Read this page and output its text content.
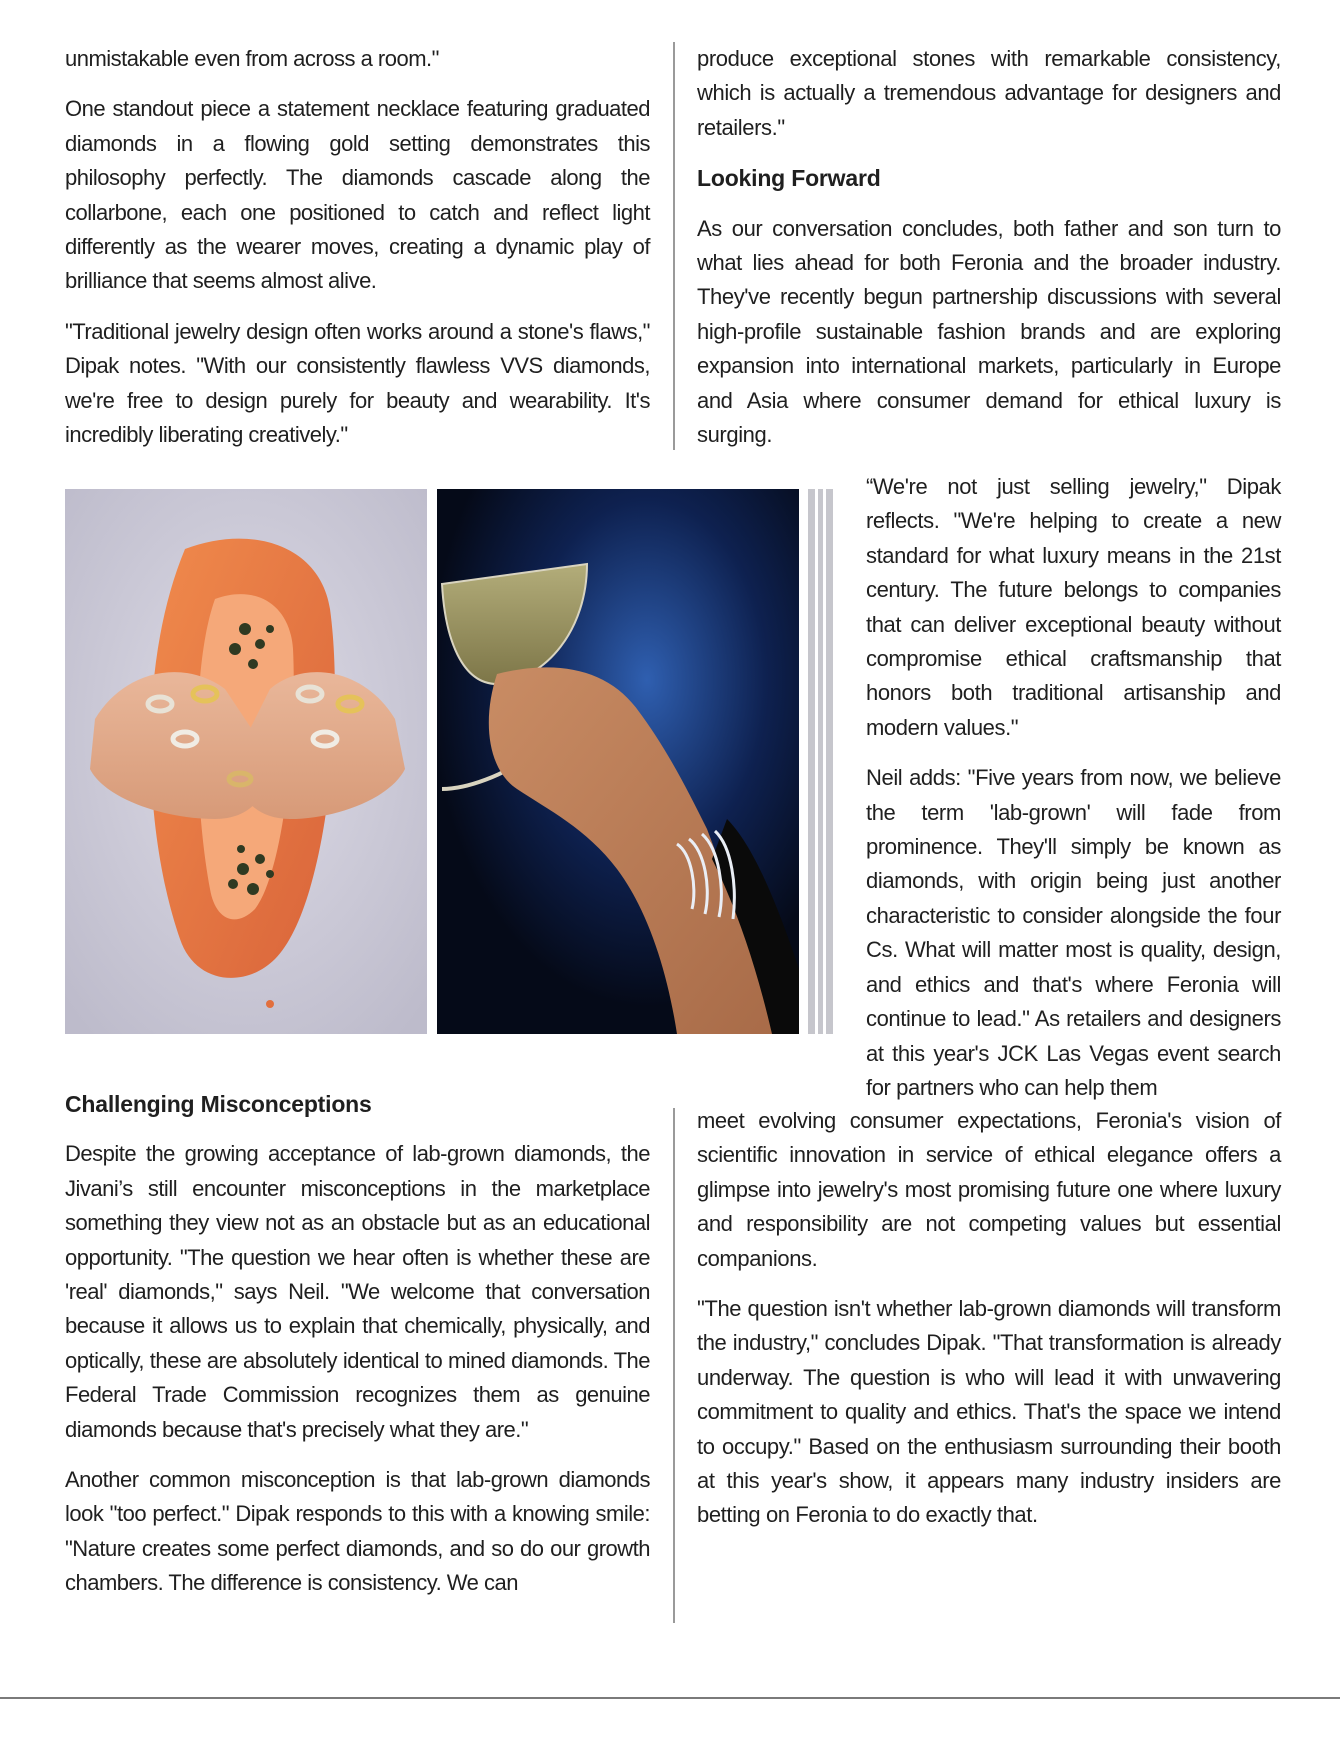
unmistakable even from across a room."

One standout piece a statement necklace featuring graduated diamonds in a flowing gold setting demonstrates this philosophy perfectly. The diamonds cascade along the collarbone, each one positioned to catch and reflect light differently as the wearer moves, creating a dynamic play of brilliance that seems almost alive.

"Traditional jewelry design often works around a stone's flaws," Dipak notes. "With our consistently flawless VVS diamonds, we're free to design purely for beauty and wearability. It's incredibly liberating creatively."

produce exceptional stones with remarkable consistency, which is actually a tremendous advantage for designers and retailers."

Looking Forward

As our conversation concludes, both father and son turn to what lies ahead for both Feronia and the broader industry. They've recently begun partnership discussions with several high-profile sustainable fashion brands and are exploring expansion into international markets, particularly in Europe and Asia where consumer demand for ethical luxury is surging.

“We're not just selling jewelry," Dipak reflects. "We're helping to create a new standard for what luxury means in the 21st century. The future belongs to companies that can deliver exceptional beauty without compromise ethical craftsmanship that honors both traditional artisanship and modern values."

Neil adds: "Five years from now, we believe the term 'lab-grown' will fade from prominence. They'll simply be known as diamonds, with origin being just another characteristic to consider alongside the four Cs. What will matter most is quality, design, and ethics and that's where Feronia will continue to lead." As retailers and designers at this year's JCK Las Vegas event search for partners who can help them

meet evolving consumer expectations, Feronia's vision of scientific innovation in service of ethical elegance offers a glimpse into jewelry's most promising future one where luxury and responsibility are not competing values but essential companions.

"The question isn't whether lab-grown diamonds will transform the industry," concludes Dipak. "That transformation is already underway. The question is who will lead it with unwavering commitment to quality and ethics. That's the space we intend to occupy." Based on the enthusiasm surrounding their booth at this year's show, it appears many industry insiders are betting on Feronia to do exactly that.

Challenging Misconceptions

Despite the growing acceptance of lab-grown diamonds, the Jivani’s still encounter misconceptions in the marketplace something they view not as an obstacle but as an educational opportunity. "The question we hear often is whether these are 'real' diamonds," says Neil. "We welcome that conversation because it allows us to explain that chemically, physically, and optically, these are absolutely identical to mined diamonds. The Federal Trade Commission recognizes them as genuine diamonds because that's precisely what they are."

Another common misconception is that lab-grown diamonds look "too perfect." Dipak responds to this with a knowing smile: "Nature creates some perfect diamonds, and so do our growth chambers. The difference is consistency. We can
